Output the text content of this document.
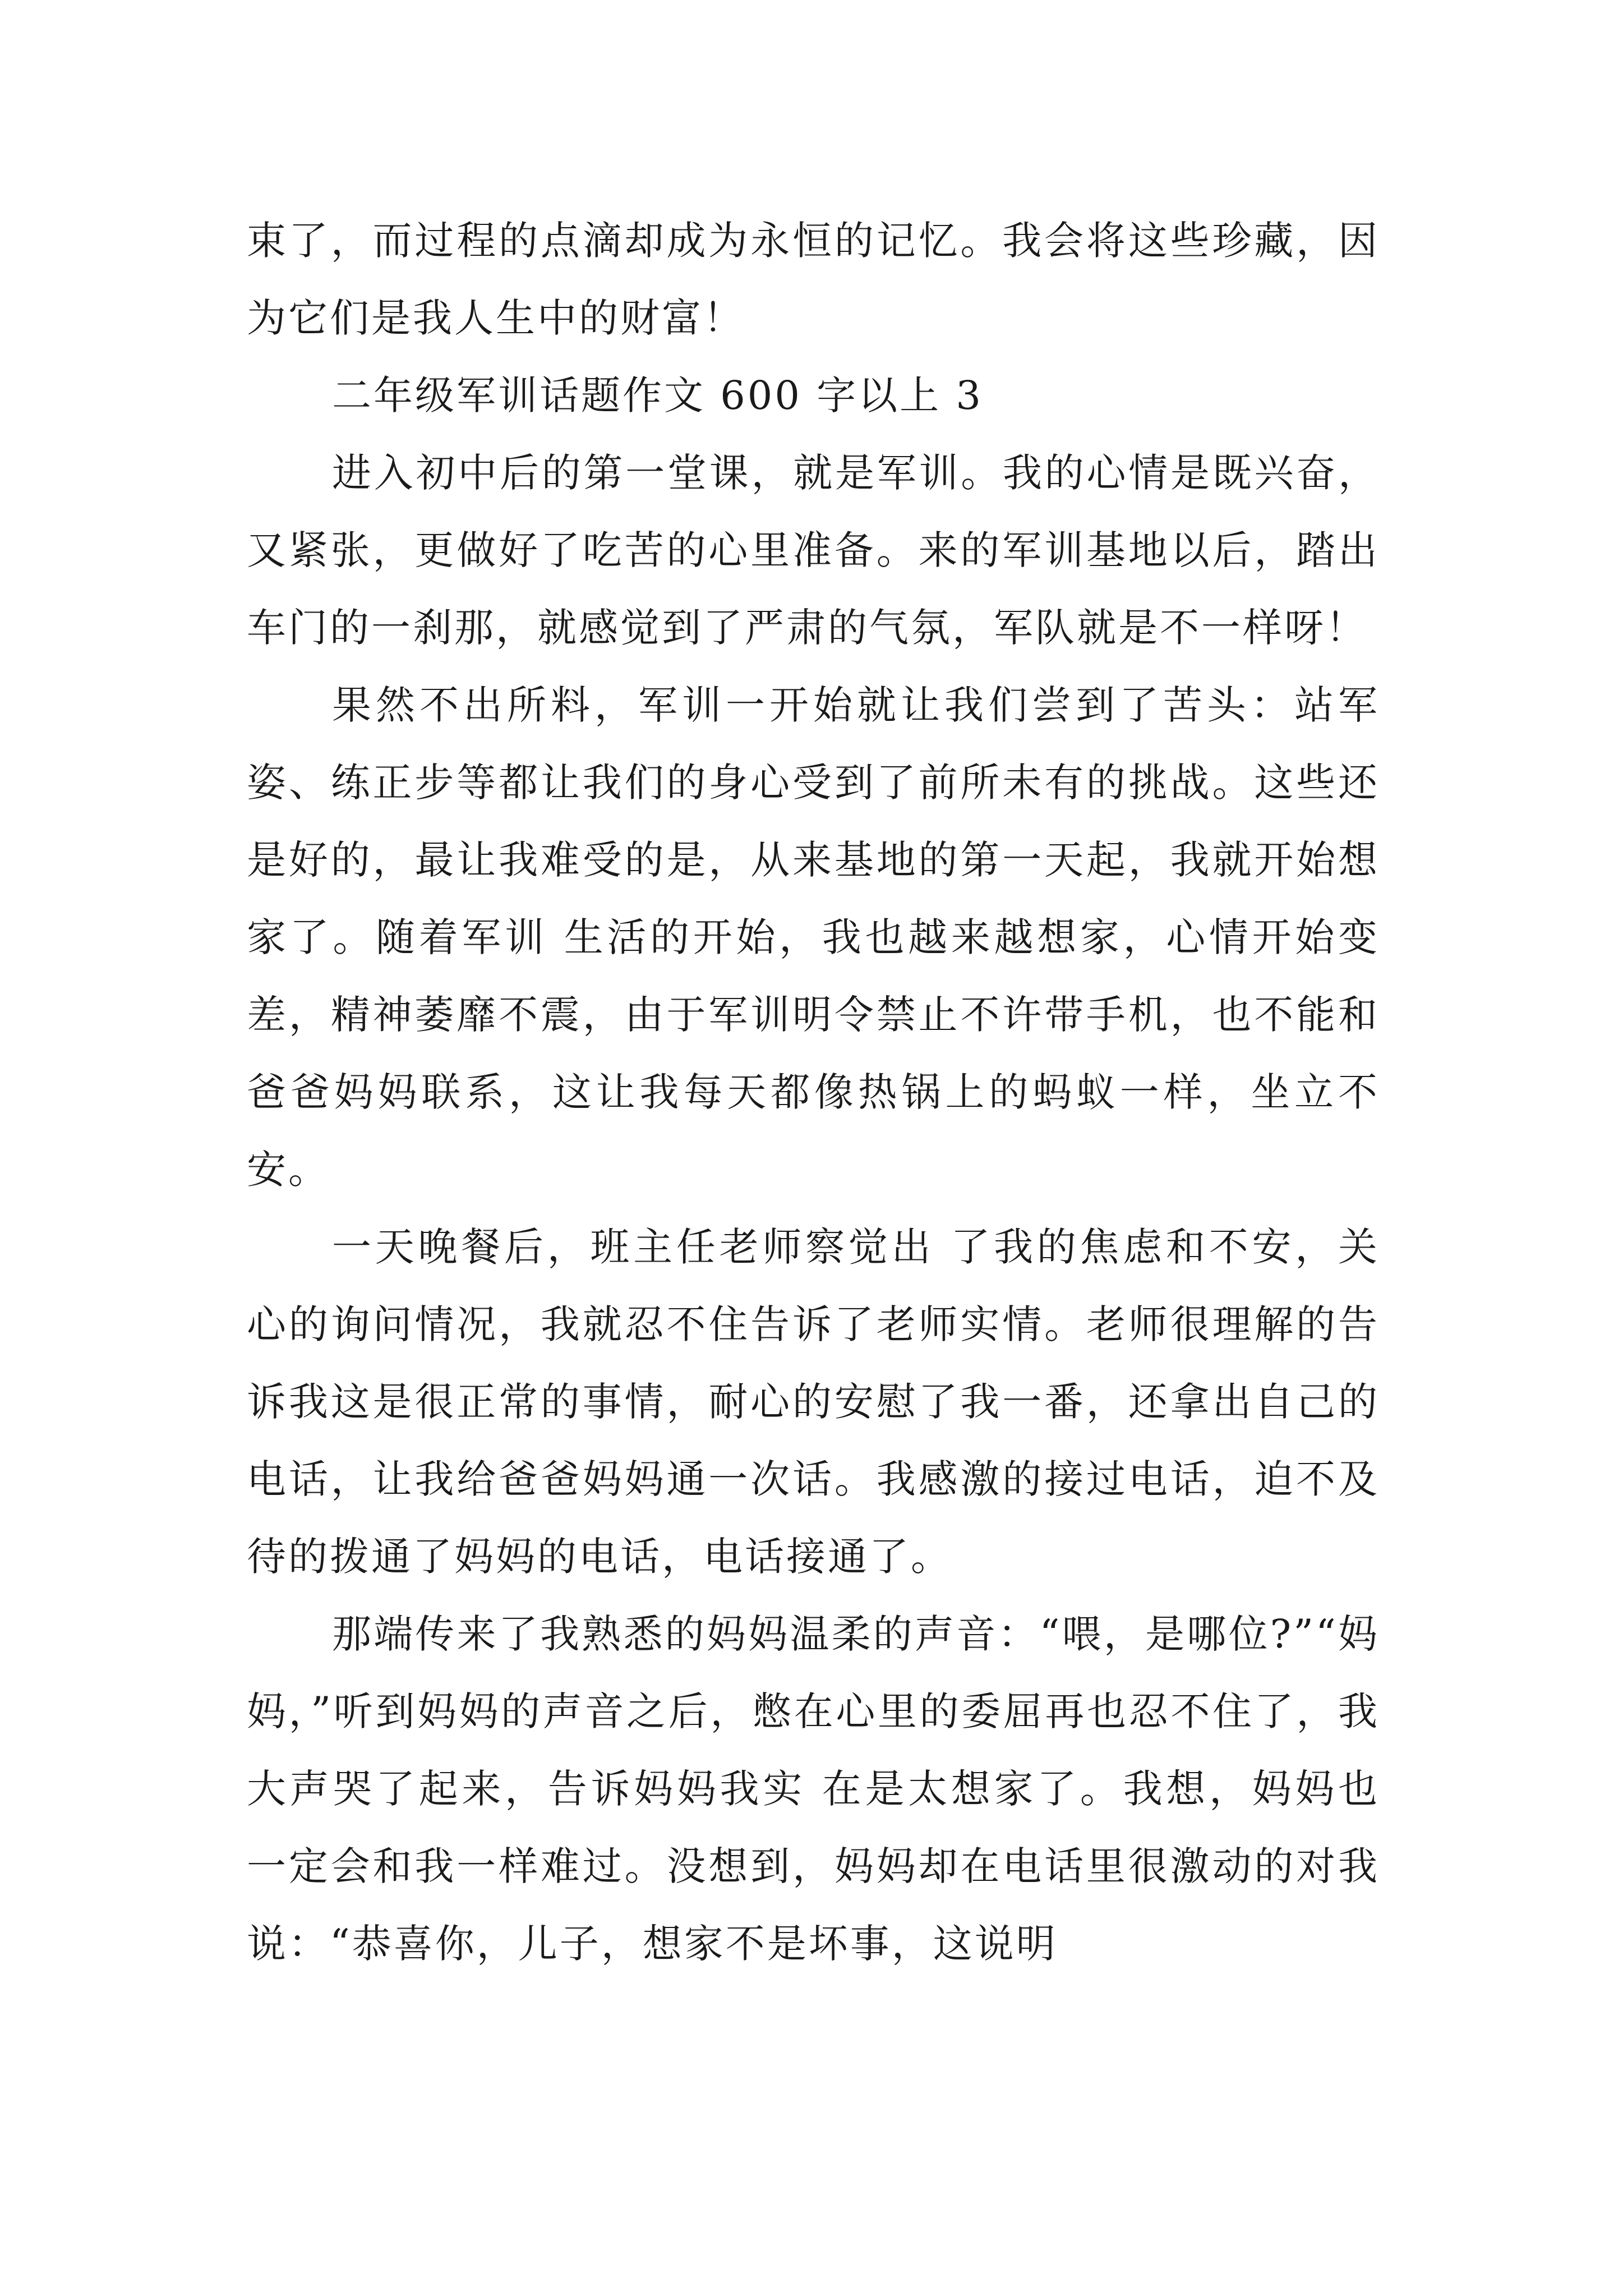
束了，而过程的点滴却成为永恒的记忆。我会将这些珍藏，因为它们是我人生中的财富！

二年级军训话题作文 600 字以上 3

进入初中后的第一堂课，就是军训。我的心情是既兴奋，又紧张，更做好了吃苦的心里准备。来的军训基地以后，踏出车门的一刹那，就感觉到了严肃的气氛，军队就是不一样呀！

果然不出所料，军训一开始就让我们尝到了苦头：站军姿、练正步等都让我们的身心受到了前所未有的挑战。这些还是好的，最让我难受的是，从来基地的第一天起，我就开始想家了。随着军训 生活的开始，我也越来越想家，心情开始变差，精神萎靡不震，由于军训明令禁止不许带手机，也不能和爸爸妈妈联系，这让我每天都像热锅上的蚂蚁一样，坐立不安。

一天晚餐后，班主任老师察觉出 了我的焦虑和不安，关心的询问情况，我就忍不住告诉了老师实情。老师很理解的告诉我这是很正常的事情，耐心的安慰了我一番，还拿出自己的电话，让我给爸爸妈妈通一次话。我感激的接过电话，迫不及待的拨通了妈妈的电话，电话接通了。

那端传来了我熟悉的妈妈温柔的声音：“喂，是哪位?”“妈妈，”听到妈妈的声音之后，憋在心里的委屈再也忍不住了，我大声哭了起来，告诉妈妈我实 在是太想家了。我想，妈妈也一定会和我一样难过。没想到，妈妈却在电话里很激动的对我说：“恭喜你，儿子，想家不是坏事，这说明
